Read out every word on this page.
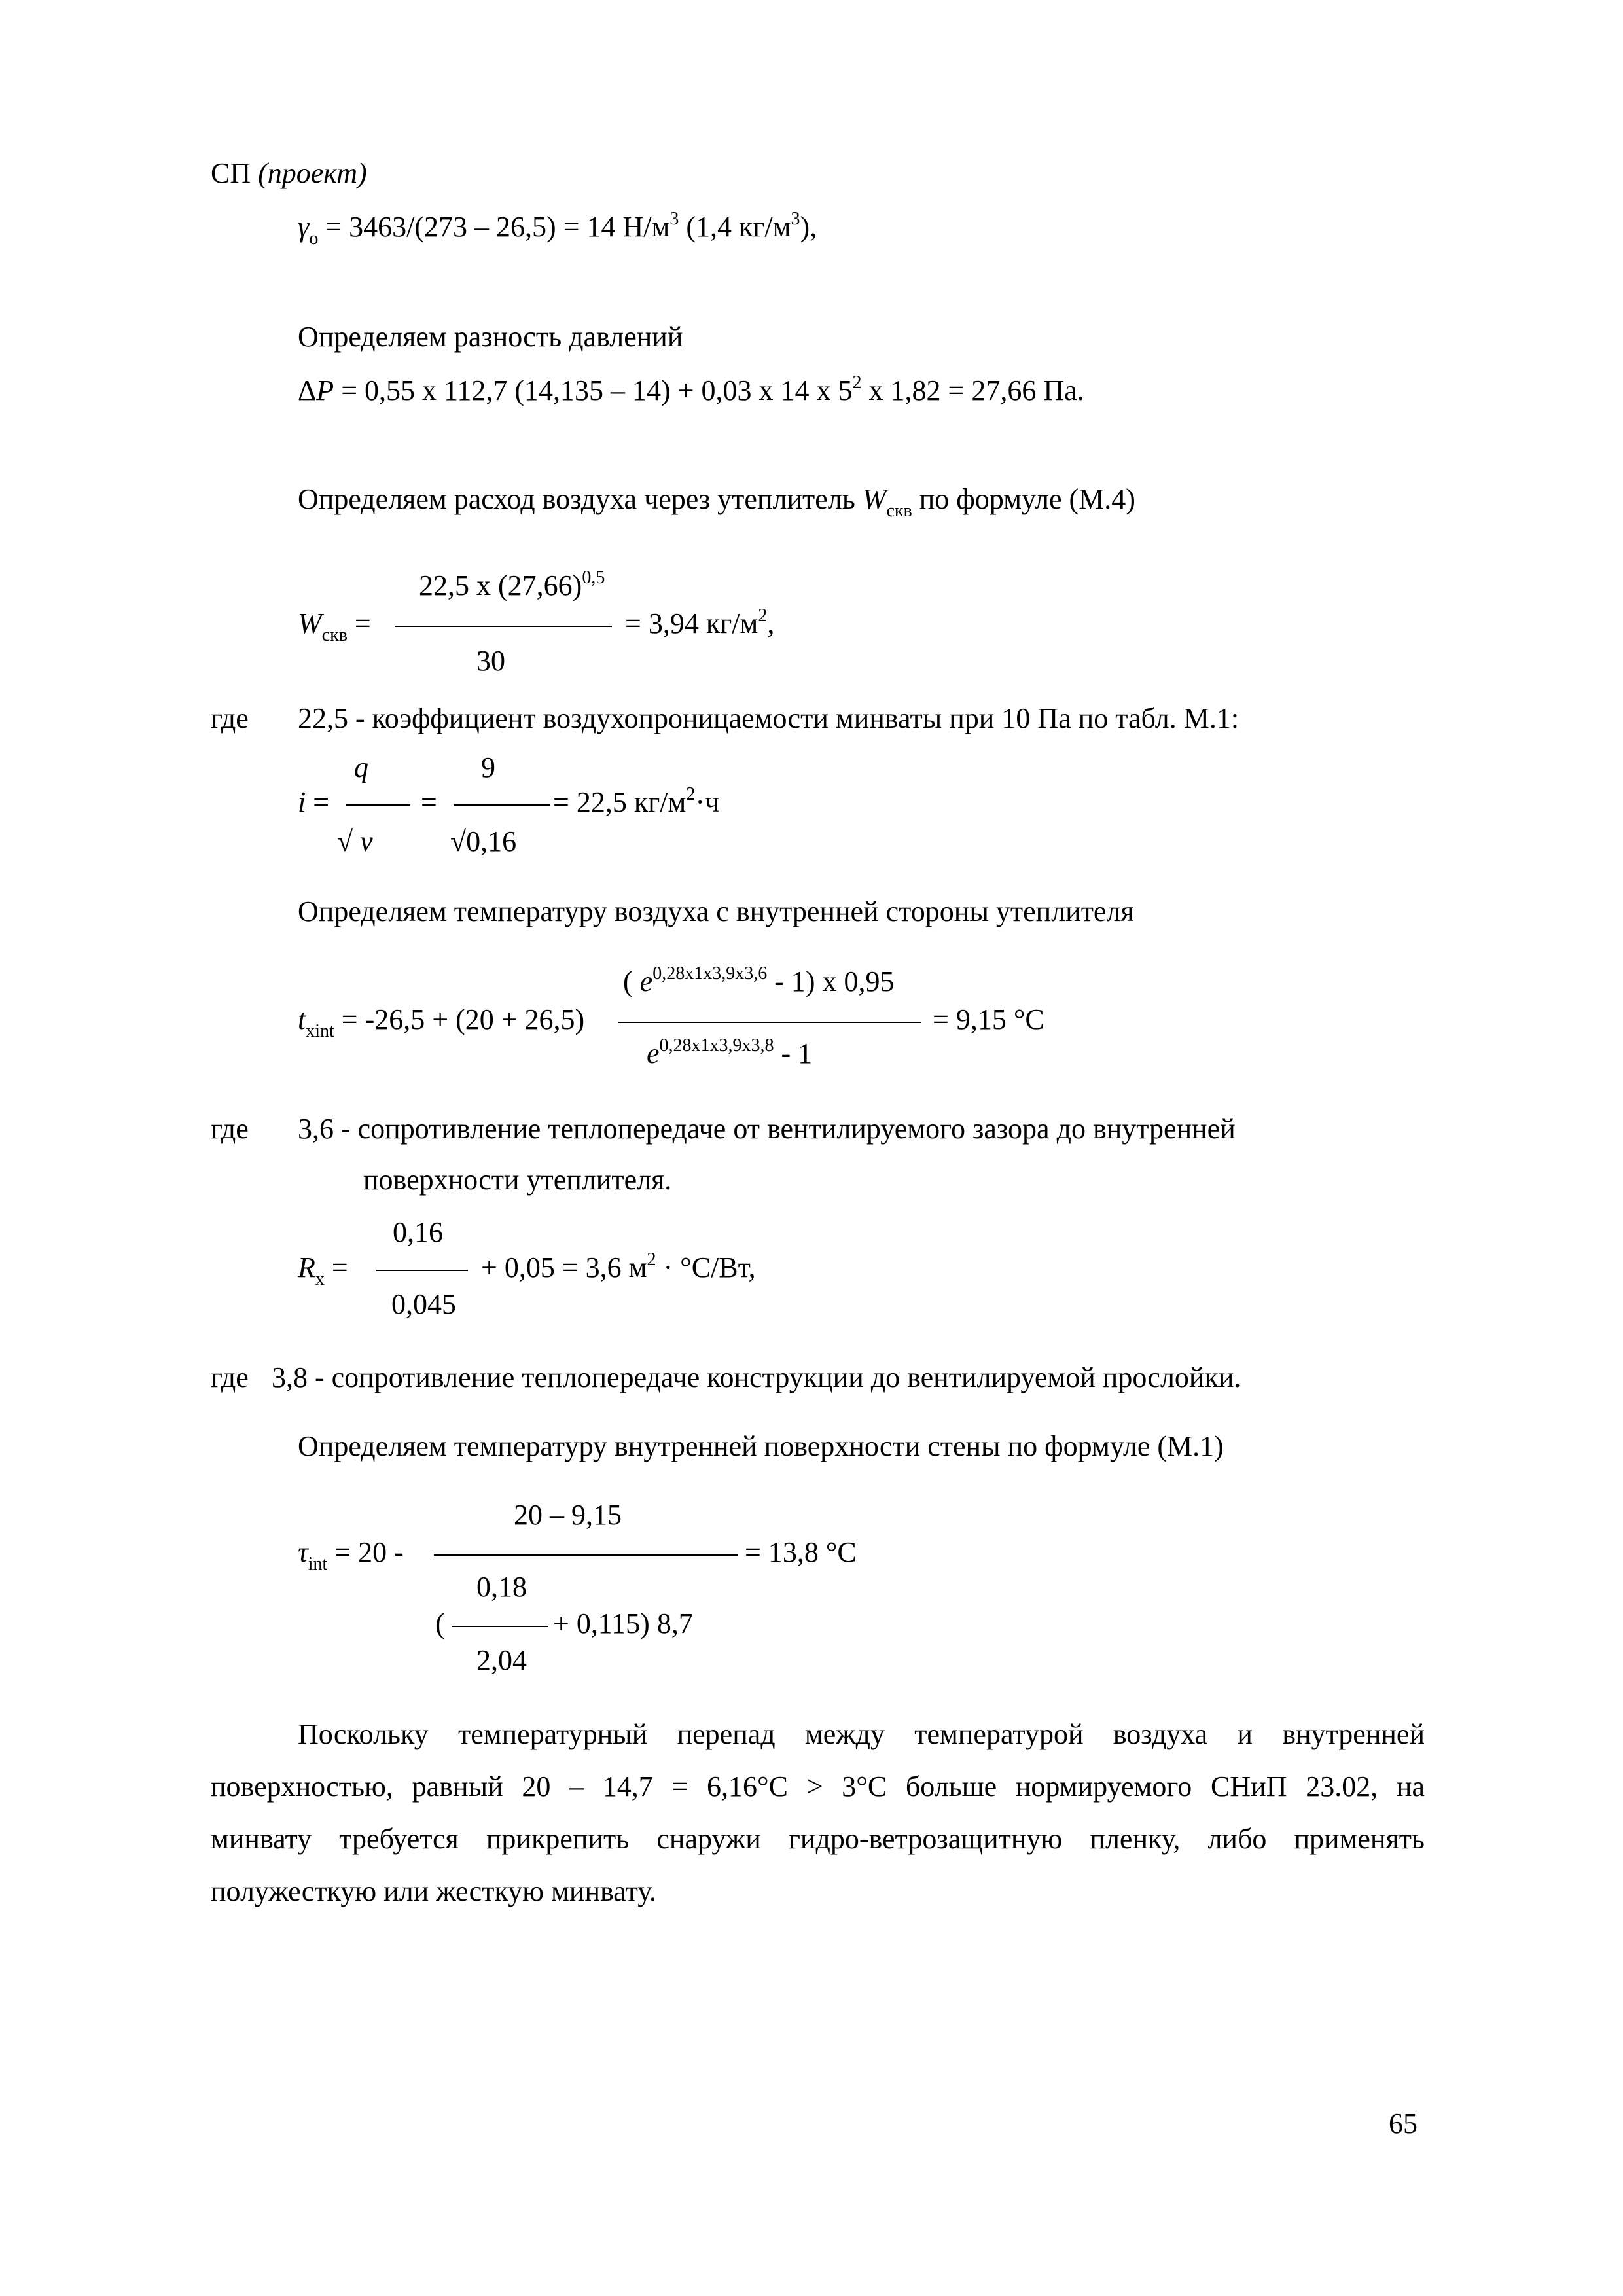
СП (проект)
$\gamma_o = 3463/(273 - 26,5) = 14$ $Н/м^3$ (1,4 $кг/м^3$),
Определяем разность давлений
ΔP = 0,55 х 112,7 (14,135 – 14) + 0,03 х 14 х $5^2$ х 1,82 = 27,66 Па.
Определяем расход воздуха через утеплитель $W_{скв}$ по формуле (М.4)
22,5 х $(27,66)^{0,5}$
$W_{скв}$ =	= 3,94 $кг/м^2$,
30
где 22,5 - коэффициент воздухопроницаемости минваты при 10 Па по табл. М.1:
q	9
i =	=	= 22,5 $кг/м^2\cdot ч$
√ ν	√0,16
Определяем температуру воздуха с внутренней стороны утеплителя
( $e^{0,28x1x3,9x3,6} - 1$) х 0,95
$t_{xint} = -26,5 + (20 + 26,5)$	= 9,15 °С
$e^{0,28x1x3,9x3,8} - 1$
где 3,6 - сопротивление теплопередаче от вентилируемого зазора до внутренней
поверхности утеплителя.
0,16
$R_x$ =	+ 0,05 = 3,6 $м^2 \cdot ^\circ С/Вт$,
0,045
где 3,8 - сопротивление теплопередаче конструкции до вентилируемой прослойки.
Определяем температуру внутренней поверхности стены по формуле (М.1)
20 – 9,15
$\tau_{int} = 20$ -	= 13,8 °С
0,18
(	+ 0,115) 8,7
2,04
Поскольку температурный перепад между температурой воздуха и внутренней
поверхностью, равный 20 – 14,7 = 6,16°С > 3°С больше нормируемого СНиП 23.02, на
минвату требуется прикрепить снаружи гидро-ветрозащитную пленку, либо применять
полужесткую или жесткую минвату.
65
